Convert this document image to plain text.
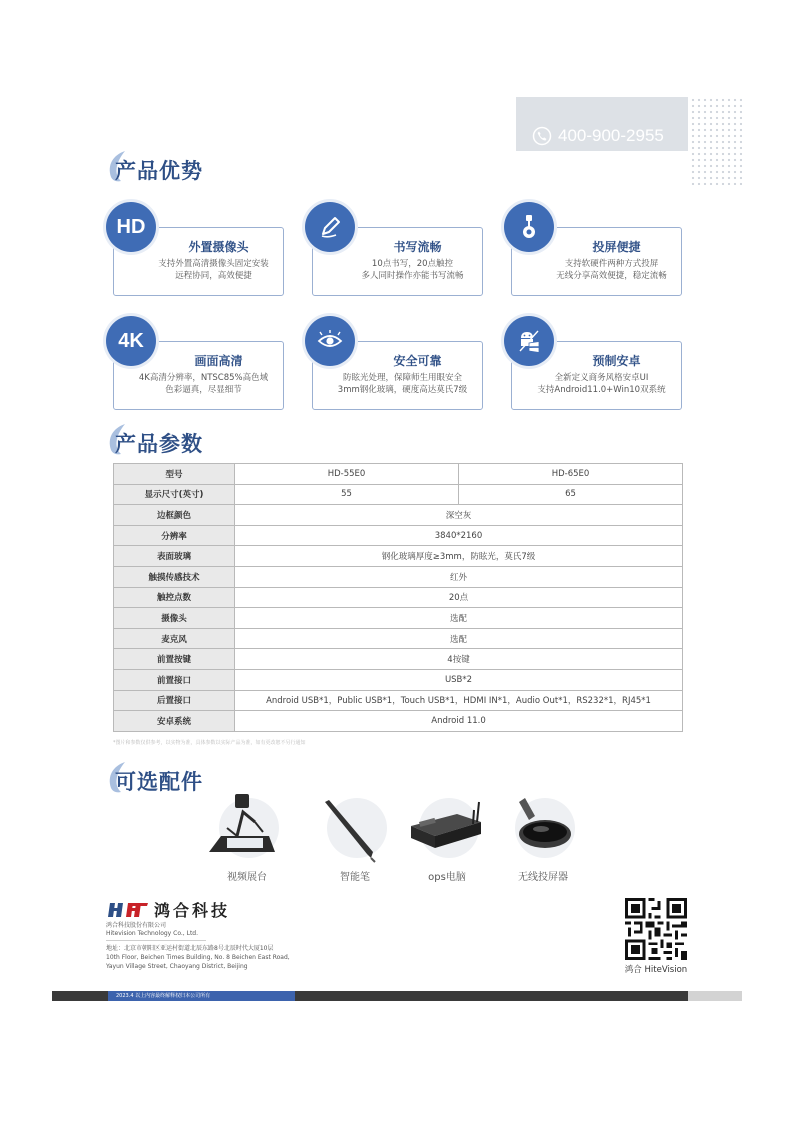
400-900-2955
产品优势
外置摄像头
支持外置高清摄像头固定安装
远程协同，高效便捷
HD
书写流畅
10点书写，20点触控
多人同时操作亦能书写流畅
投屏便捷
支持软硬件两种方式投屏
无线分享高效便捷，稳定流畅
画面高清
4K高清分辨率，NTSC85%高色域
色彩逼真，尽显细节
4K
安全可靠
防眩光处理，保障师生用眼安全
3mm钢化玻璃，硬度高达莫氏7级
预制安卓
全新定义商务风格安卓UI
支持Android11.0+Win10双系统
产品参数
型号	HD-55E0	HD-65E0
显示尺寸(英寸)	55	65
边框颜色	深空灰	
分辨率	3840*2160	
表面玻璃	钢化玻璃厚度≥3mm，防眩光，莫氏7级	
触摸传感技术	红外	
触控点数	20点	
摄像头	选配	
麦克风	选配	
前置按键	4按键	
前置接口	USB*2	
后置接口	Android USB*1，Public USB*1，Touch USB*1，HDMI IN*1，Audio Out*1，RS232*1，RJ45*1	
安卓系统	Android 11.0	
*图片和参数仅供参考，以实物为准，具体参数以实际产品为准，如有更改恕不另行通知
可选配件
视频展台	智能笔	ops电脑	无线投屏器
鸿合科技
鸿合科技股份有限公司
Hitevision Technology Co., Ltd.
地址：北京市朝阳区亚运村街道北辰东路8号北辰时代大厦10层
10th Floor, Beichen Times Building, No. 8 Beichen East Road,
Yayun Village Street, Chaoyang District, Beijing	鸿合 HiteVision
2023.4 以上内容最终解释权归本公司所有
